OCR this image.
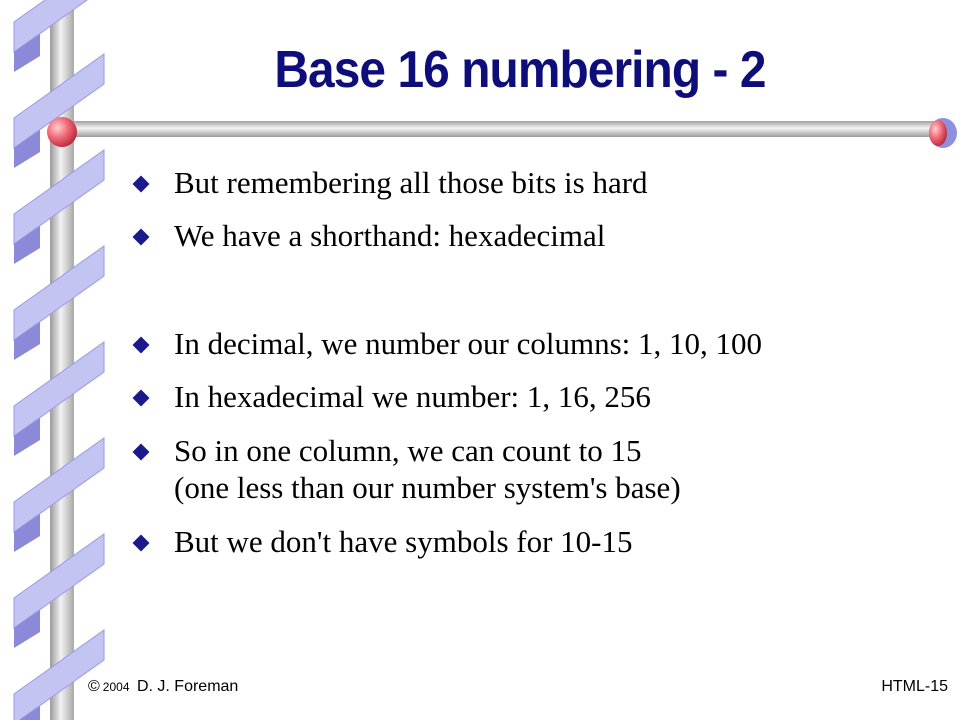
Base 16 numbering - 2
But remembering all those bits is hard
We have a shorthand: hexadecimal
In decimal, we number our columns: 1, 10, 100
In hexadecimal we number: 1, 16, 256
So in one column, we can count to 15
(one less than our number system's base)
But we don't have symbols for 10-15
© 2004 D. J. Foreman	HTML-15
